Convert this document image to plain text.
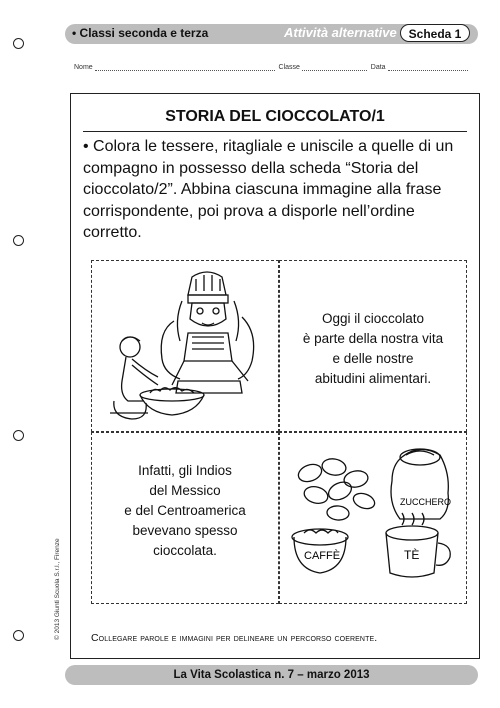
• Classi seconda e terza	Attività alternative Scheda 1
Nome	Classe	Data
STORIA DEL CIOCCOLATO/1
• Colora le tessere, ritagliale e uniscile a quelle di un compagno in possesso della scheda “Storia del cioccolato/2”. Abbina ciascuna immagine alla frase corrispondente, poi prova a disporle nell’ordine corretto.
Oggi il cioccolato
è parte della nostra vita
e delle nostre
abitudini alimentari.
Infatti, gli Indios
del Messico
e del Centroamerica
bevevano spesso
cioccolata.
ZUCCHERO
CAFFÈ	TÈ
Collegare parole e immagini per delineare un percorso coerente.
© 2013 Giunti Scuola S.r.l., Firenze
La Vita Scolastica n. 7 – marzo 2013
